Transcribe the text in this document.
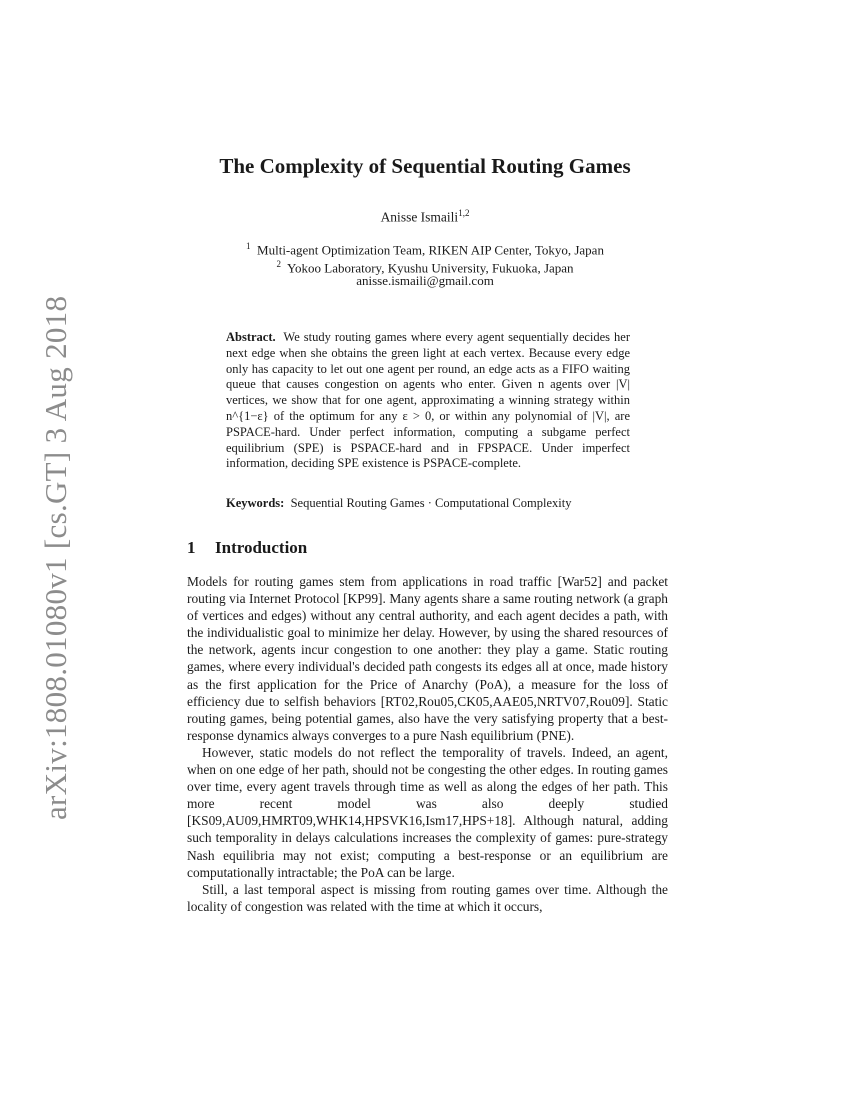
arXiv:1808.01080v1 [cs.GT] 3 Aug 2018
The Complexity of Sequential Routing Games
Anisse Ismaili$^{1,2}$
$^1$ Multi-agent Optimization Team, RIKEN AIP Center, Tokyo, Japan
$^2$ Yokoo Laboratory, Kyushu University, Fukuoka, Japan
anisse.ismaili@gmail.com

Abstract. We study routing games where every agent sequentially decides her next edge when she obtains the green light at each vertex. Because every edge only has capacity to let out one agent per round, an edge acts as a FIFO waiting queue that causes congestion on agents who enter. Given n agents over |V| vertices, we show that for one agent, approximating a winning strategy within n^{1−ε} of the optimum for any ε > 0, or within any polynomial of |V|, are PSPACE-hard. Under perfect information, computing a subgame perfect equilibrium (SPE) is PSPACE-hard and in FPSPACE. Under imperfect information, deciding SPE existence is PSPACE-complete.

Keywords: Sequential Routing Games · Computational Complexity

1 Introduction

Models for routing games stem from applications in road traffic [War52] and packet routing via Internet Protocol [KP99]. Many agents share a same routing network (a graph of vertices and edges) without any central authority, and each agent decides a path, with the individualistic goal to minimize her delay. However, by using the shared resources of the network, agents incur congestion to one another: they play a game. Static routing games, where every individual's decided path congests its edges all at once, made history as the first application for the Price of Anarchy (PoA), a measure for the loss of efficiency due to selfish behaviors [RT02,Rou05,CK05,AAE05,NRTV07,Rou09]. Static routing games, being potential games, also have the very satisfying property that a best-response dynamics always converges to a pure Nash equilibrium (PNE).

However, static models do not reflect the temporality of travels. Indeed, an agent, when on one edge of her path, should not be congesting the other edges. In routing games over time, every agent travels through time as well as along the edges of her path. This more recent model was also deeply studied [KS09,AU09,HMRT09,WHK14,HPSVK16,Ism17,HPS+18]. Although natural, adding such temporality in delays calculations increases the complexity of games: pure-strategy Nash equilibria may not exist; computing a best-response or an equilibrium are computationally intractable; the PoA can be large.

Still, a last temporal aspect is missing from routing games over time. Although the locality of congestion was related with the time at which it occurs,
